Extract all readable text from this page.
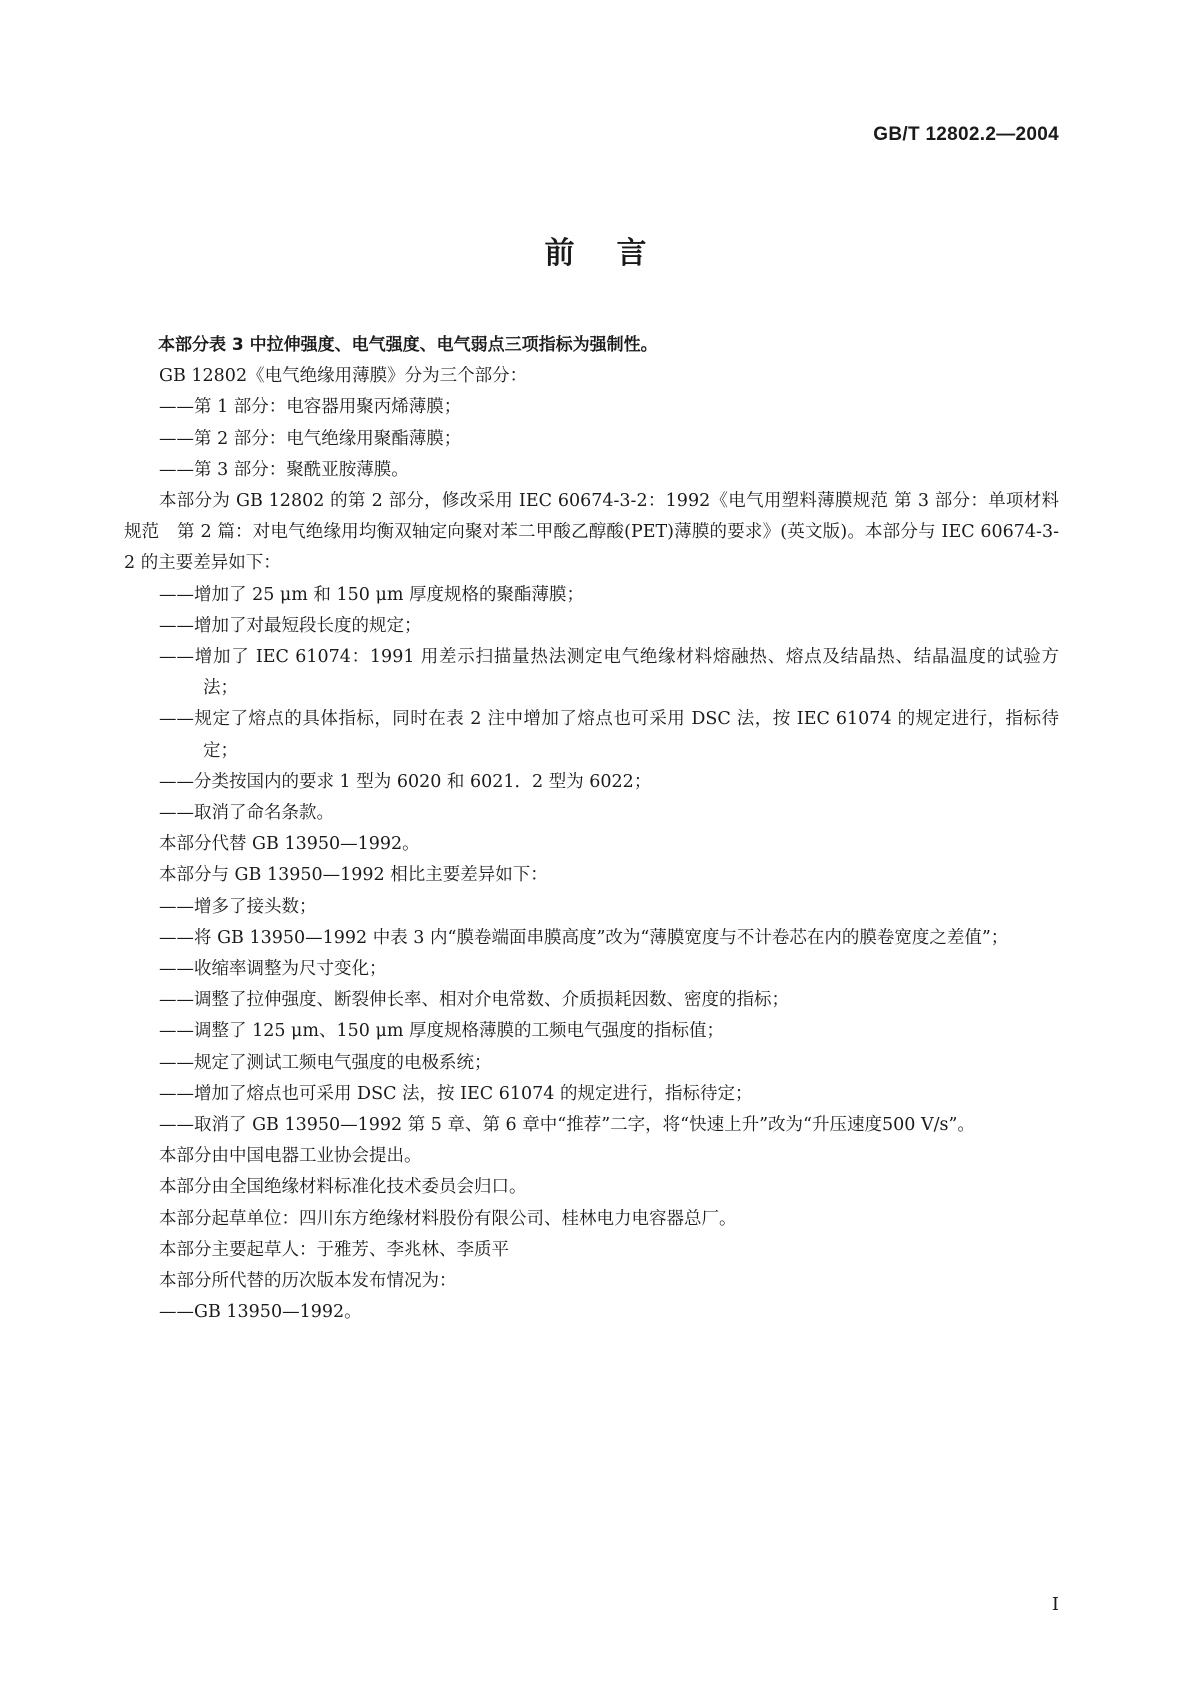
GB/T 12802.2—2004
前言

本部分表 3 中拉伸强度、电气强度、电气弱点三项指标为强制性。

GB 12802《电气绝缘用薄膜》分为三个部分：

——第 1 部分：电容器用聚丙烯薄膜；

——第 2 部分：电气绝缘用聚酯薄膜；

——第 3 部分：聚酰亚胺薄膜。

本部分为 GB 12802 的第 2 部分，修改采用 IEC 60674-3-2：1992《电气用塑料薄膜规范 第 3 部分：单项材料规范　第 2 篇：对电气绝缘用均衡双轴定向聚对苯二甲酸乙醇酸(PET)薄膜的要求》(英文版)。本部分与 IEC 60674-3-2 的主要差异如下：

——增加了 25 μm 和 150 μm 厚度规格的聚酯薄膜；

——增加了对最短段长度的规定；

——增加了 IEC 61074：1991 用差示扫描量热法测定电气绝缘材料熔融热、熔点及结晶热、结晶温度的试验方法；

——规定了熔点的具体指标，同时在表 2 注中增加了熔点也可采用 DSC 法，按 IEC 61074 的规定进行，指标待定；

——分类按国内的要求 1 型为 6020 和 6021．2 型为 6022；

——取消了命名条款。

本部分代替 GB 13950—1992。

本部分与 GB 13950—1992 相比主要差异如下：

——增多了接头数；

——将 GB 13950—1992 中表 3 内“膜卷端面串膜高度”改为“薄膜宽度与不计卷芯在内的膜卷宽度之差值”；

——收缩率调整为尺寸变化；

——调整了拉伸强度、断裂伸长率、相对介电常数、介质损耗因数、密度的指标；

——调整了 125 μm、150 μm 厚度规格薄膜的工频电气强度的指标值；

——规定了测试工频电气强度的电极系统；

——增加了熔点也可采用 DSC 法，按 IEC 61074 的规定进行，指标待定；

——取消了 GB 13950—1992 第 5 章、第 6 章中“推荐”二字，将“快速上升”改为“升压速度500 V/s”。

本部分由中国电器工业协会提出。

本部分由全国绝缘材料标准化技术委员会归口。

本部分起草单位：四川东方绝缘材料股份有限公司、桂林电力电容器总厂。

本部分主要起草人：于雅芳、李兆林、李质平

本部分所代替的历次版本发布情况为：

——GB 13950—1992。

I
